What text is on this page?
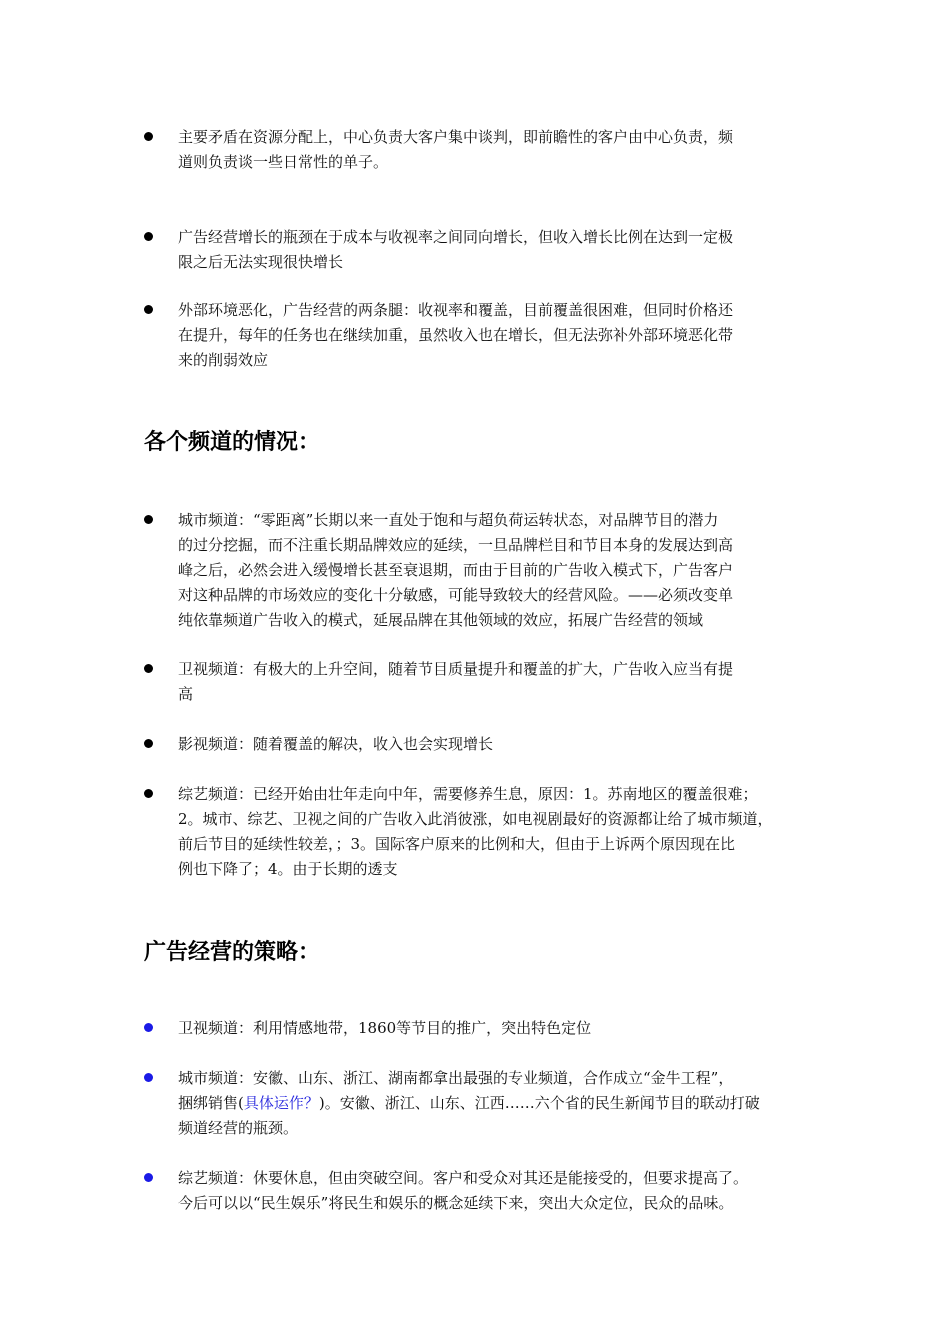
主要矛盾在资源分配上，中心负责大客户集中谈判，即前瞻性的客户由中心负责，频
道则负责谈一些日常性的单子。
广告经营增长的瓶颈在于成本与收视率之间同向增长，但收入增长比例在达到一定极
限之后无法实现很快增长
外部环境恶化，广告经营的两条腿：收视率和覆盖，目前覆盖很困难，但同时价格还
在提升，每年的任务也在继续加重，虽然收入也在增长，但无法弥补外部环境恶化带
来的削弱效应
各个频道的情况：
城市频道：“零距离”长期以来一直处于饱和与超负荷运转状态，对品牌节目的潜力
的过分挖掘，而不注重长期品牌效应的延续，一旦品牌栏目和节目本身的发展达到高
峰之后，必然会进入缓慢增长甚至衰退期，而由于目前的广告收入模式下，广告客户
对这种品牌的市场效应的变化十分敏感，可能导致较大的经营风险。——必须改变单
纯依靠频道广告收入的模式，延展品牌在其他领域的效应，拓展广告经营的领域
卫视频道：有极大的上升空间，随着节目质量提升和覆盖的扩大，广告收入应当有提
高
影视频道：随着覆盖的解决，收入也会实现增长
综艺频道：已经开始由壮年走向中年，需要修养生息，原因：1。苏南地区的覆盖很难；
2。城市、综艺、卫视之间的广告收入此消彼涨，如电视剧最好的资源都让给了城市频道，
前后节目的延续性较差，；3。国际客户原来的比例和大，但由于上诉两个原因现在比
例也下降了；4。由于长期的透支
广告经营的策略：
卫视频道：利用情感地带，1860等节目的推广，突出特色定位
城市频道：安徽、山东、浙江、湖南都拿出最强的专业频道，合作成立“金牛工程”，
捆绑销售(具体运作？)。安徽、浙江、山东、江西……六个省的民生新闻节目的联动打破
频道经营的瓶颈。
综艺频道：休要休息，但由突破空间。客户和受众对其还是能接受的，但要求提高了。
今后可以以“民生娱乐”将民生和娱乐的概念延续下来，突出大众定位，民众的品味。
